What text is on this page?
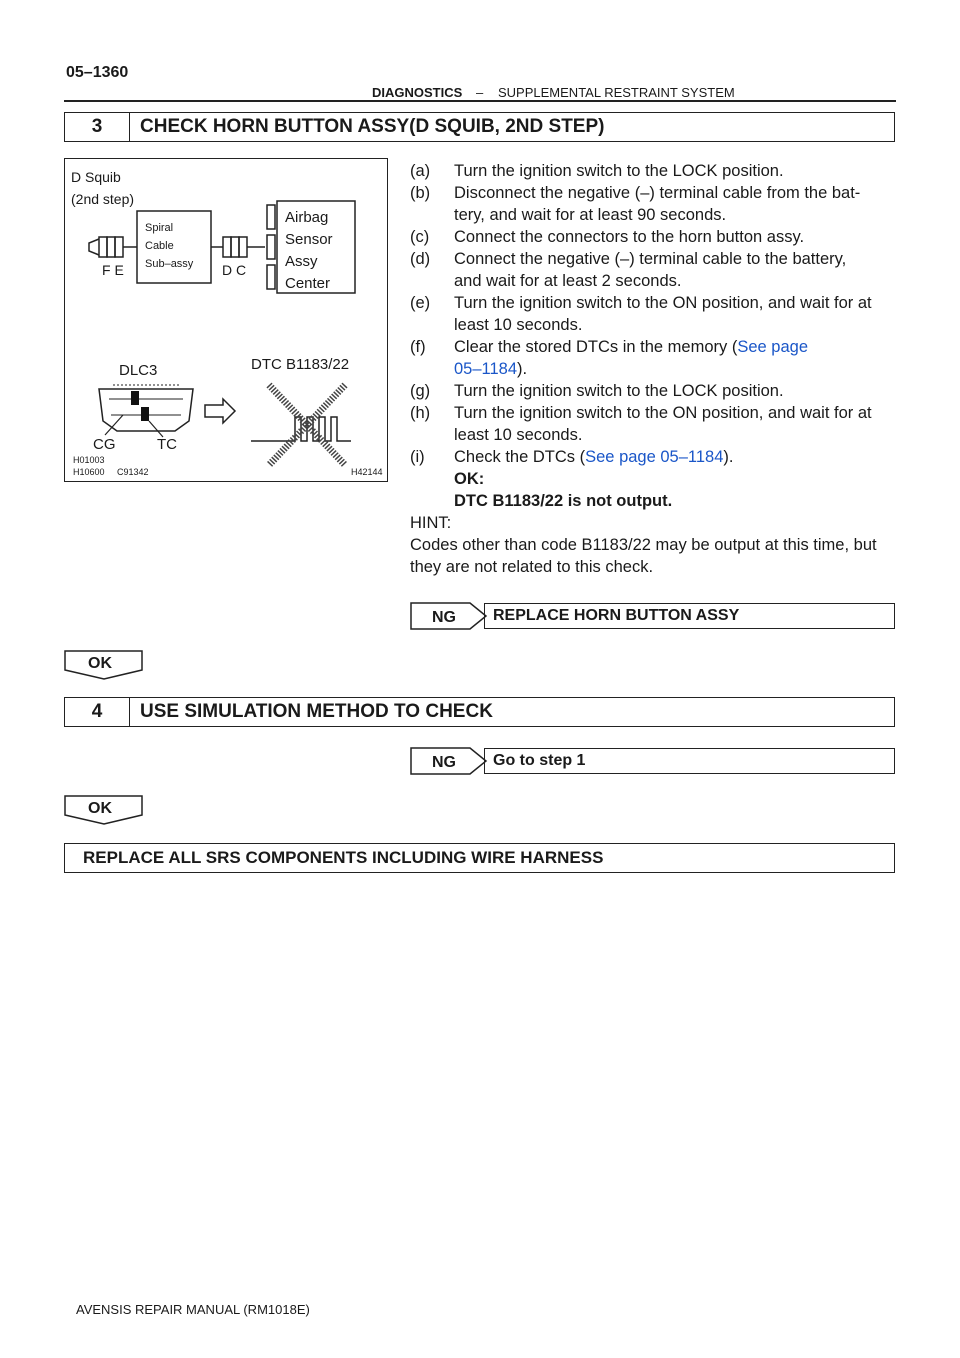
05–1360
DIAGNOSTICS – SUPPLEMENTAL RESTRAINT SYSTEM
3	CHECK HORN BUTTON ASSY(D SQUIB, 2ND STEP)
D Squib
(2nd step)
F E
Spiral
Cable
Sub–assy D C
Airbag
Sensor
Assy
Center
DLC3	DTC B1183/22
CG	TC
H01003
H10600 C91342	H42144
(a) Turn the ignition switch to the LOCK position.
(b) Disconnect the negative (–) terminal cable from the bat-
tery, and wait for at least 90 seconds.
(c) Connect the connectors to the horn button assy.
(d) Connect the negative (–) terminal cable to the battery,
and wait for at least 2 seconds.
(e) Turn the ignition switch to the ON position, and wait for at
least 10 seconds.
(f) Clear the stored DTCs in the memory (See page
05–1184).
(g) Turn the ignition switch to the LOCK position.
(h) Turn the ignition switch to the ON position, and wait for at
least 10 seconds.
(i) Check the DTCs (See page 05–1184).
OK:
DTC B1183/22 is not output.
HINT:
Codes other than code B1183/22 may be output at this time, but
they are not related to this check.
NG	REPLACE HORN BUTTON ASSY
OK
4	USE SIMULATION METHOD TO CHECK
NG	Go to step 1
OK
REPLACE ALL SRS COMPONENTS INCLUDING WIRE HARNESS
AVENSIS REPAIR MANUAL (RM1018E)
